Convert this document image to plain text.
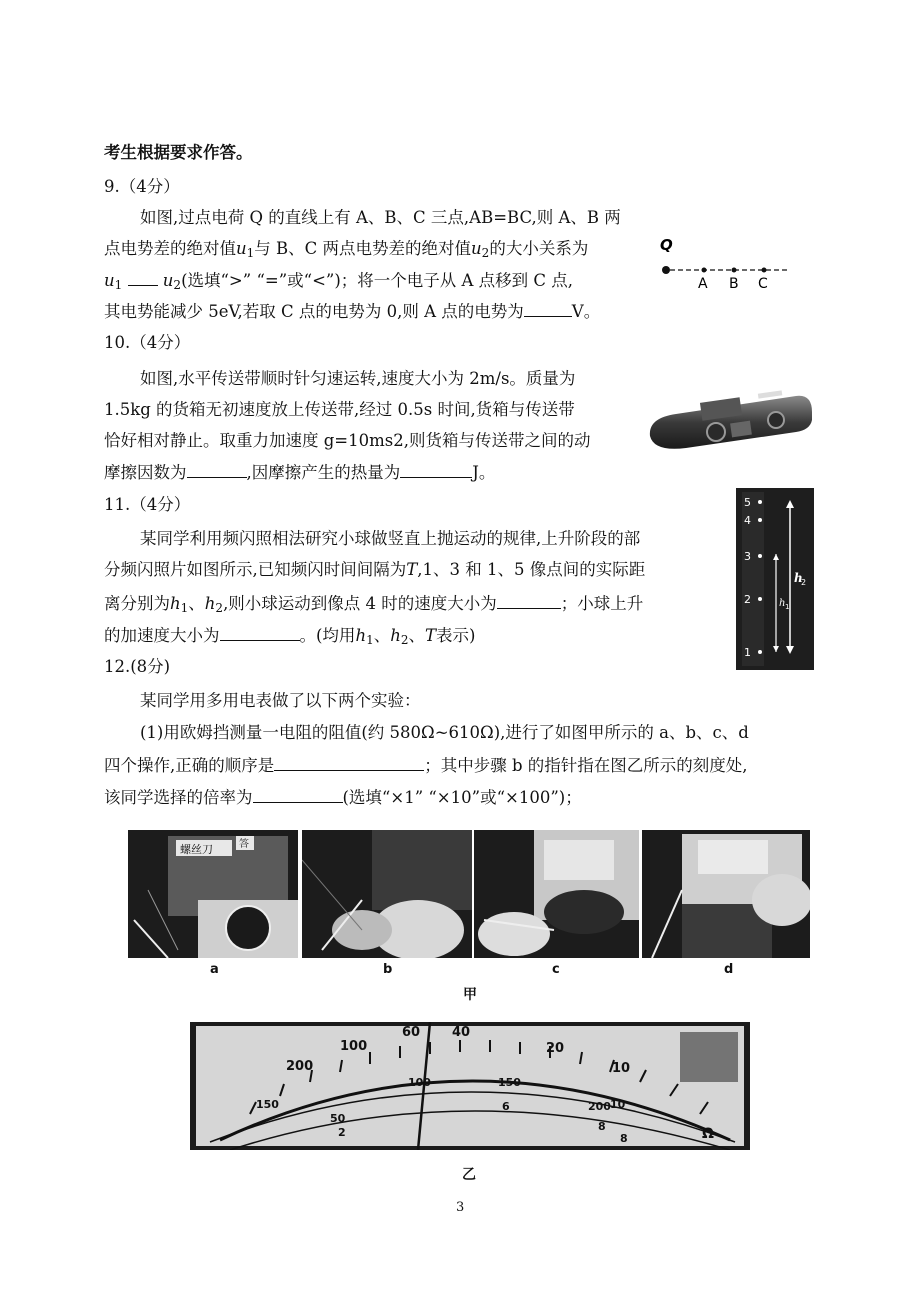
考生根据要求作答。
9.（4分）
如图,过点电荷 Q 的直线上有 A、B、C 三点,AB=BC,则 A、B 两
点电势差的绝对值$u_1$与 B、C 两点电势差的绝对值$u_2$的大小关系为
$u_1$ $u_2$(选填“>” “=”或“<”)；将一个电子从 A 点移到 C 点,
其电势能减少 5eV,若取 C 点的电势为 0,则 A 点的电势为	V。
Q
A B C
10.（4分）
如图,水平传送带顺时针匀速运转,速度大小为 2m/s。质量为
1.5kg 的货箱无初速度放上传送带,经过 0.5s 时间,货箱与传送带
恰好相对静止。取重力加速度 g=10ms2,则货箱与传送带之间的动
摩擦因数为	,因摩擦产生的热量为	J。
11.（4分）
某同学利用频闪照相法研究小球做竖直上抛运动的规律,上升阶段的部
分频闪照片如图所示,已知频闪时间间隔为T,1、3 和 1、5 像点间的实际距
离分别为$h_1$、$h_2$,则小球运动到像点 4 时的速度大小为	；小球上升
的加速度大小为	。(均用$h_1$、$h_2$、T表示)
5
4
3
2
1
h
2
h 1
12.(8分)
某同学用多用电表做了以下两个实验：
(1)用欧姆挡测量一电阻的阻值(约 580Ω~610Ω),进行了如图甲所示的 a、b、c、d
四个操作,正确的顺序是	；其中步骤 b 的指针指在图乙所示的刻度处,
该同学选择的倍率为	(选填“×1” “×10”或“×100”)；
螺丝刀	答
a	b	c	d
甲
100
60 40
20
10
200
150
100	150
200
50
2
6
8
10
8	Ω
乙
3
